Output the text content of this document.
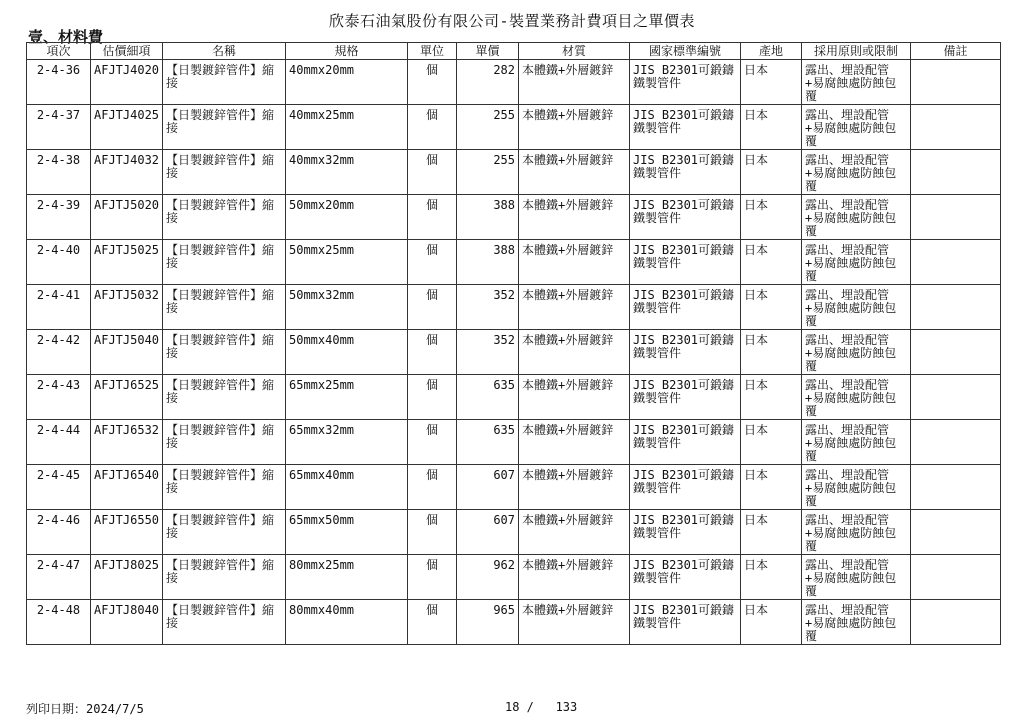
欣泰石油氣股份有限公司-裝置業務計費項目之單價表
壹、材料費
項次	估價細項	名稱	規格	單位	單價	材質	國家標準編號	產地	採用原則或限制	備註
2-4-36	AFJTJ4020	【日製鍍鋅管件】縮接	40mmx20mm	個	282	本體鐵+外層鍍鋅	JIS B2301可鍛鑄鐵製管件	日本	露出、埋設配管+易腐蝕處防蝕包覆	
2-4-37	AFJTJ4025	【日製鍍鋅管件】縮接	40mmx25mm	個	255	本體鐵+外層鍍鋅	JIS B2301可鍛鑄鐵製管件	日本	露出、埋設配管+易腐蝕處防蝕包覆	
2-4-38	AFJTJ4032	【日製鍍鋅管件】縮接	40mmx32mm	個	255	本體鐵+外層鍍鋅	JIS B2301可鍛鑄鐵製管件	日本	露出、埋設配管+易腐蝕處防蝕包覆	
2-4-39	AFJTJ5020	【日製鍍鋅管件】縮接	50mmx20mm	個	388	本體鐵+外層鍍鋅	JIS B2301可鍛鑄鐵製管件	日本	露出、埋設配管+易腐蝕處防蝕包覆	
2-4-40	AFJTJ5025	【日製鍍鋅管件】縮接	50mmx25mm	個	388	本體鐵+外層鍍鋅	JIS B2301可鍛鑄鐵製管件	日本	露出、埋設配管+易腐蝕處防蝕包覆	
2-4-41	AFJTJ5032	【日製鍍鋅管件】縮接	50mmx32mm	個	352	本體鐵+外層鍍鋅	JIS B2301可鍛鑄鐵製管件	日本	露出、埋設配管+易腐蝕處防蝕包覆	
2-4-42	AFJTJ5040	【日製鍍鋅管件】縮接	50mmx40mm	個	352	本體鐵+外層鍍鋅	JIS B2301可鍛鑄鐵製管件	日本	露出、埋設配管+易腐蝕處防蝕包覆	
2-4-43	AFJTJ6525	【日製鍍鋅管件】縮接	65mmx25mm	個	635	本體鐵+外層鍍鋅	JIS B2301可鍛鑄鐵製管件	日本	露出、埋設配管+易腐蝕處防蝕包覆	
2-4-44	AFJTJ6532	【日製鍍鋅管件】縮接	65mmx32mm	個	635	本體鐵+外層鍍鋅	JIS B2301可鍛鑄鐵製管件	日本	露出、埋設配管+易腐蝕處防蝕包覆	
2-4-45	AFJTJ6540	【日製鍍鋅管件】縮接	65mmx40mm	個	607	本體鐵+外層鍍鋅	JIS B2301可鍛鑄鐵製管件	日本	露出、埋設配管+易腐蝕處防蝕包覆	
2-4-46	AFJTJ6550	【日製鍍鋅管件】縮接	65mmx50mm	個	607	本體鐵+外層鍍鋅	JIS B2301可鍛鑄鐵製管件	日本	露出、埋設配管+易腐蝕處防蝕包覆	
2-4-47	AFJTJ8025	【日製鍍鋅管件】縮接	80mmx25mm	個	962	本體鐵+外層鍍鋅	JIS B2301可鍛鑄鐵製管件	日本	露出、埋設配管+易腐蝕處防蝕包覆	
2-4-48	AFJTJ8040	【日製鍍鋅管件】縮接	80mmx40mm	個	965	本體鐵+外層鍍鋅	JIS B2301可鍛鑄鐵製管件	日本	露出、埋設配管+易腐蝕處防蝕包覆	
列印日期：2024/7/5	18 /   133
